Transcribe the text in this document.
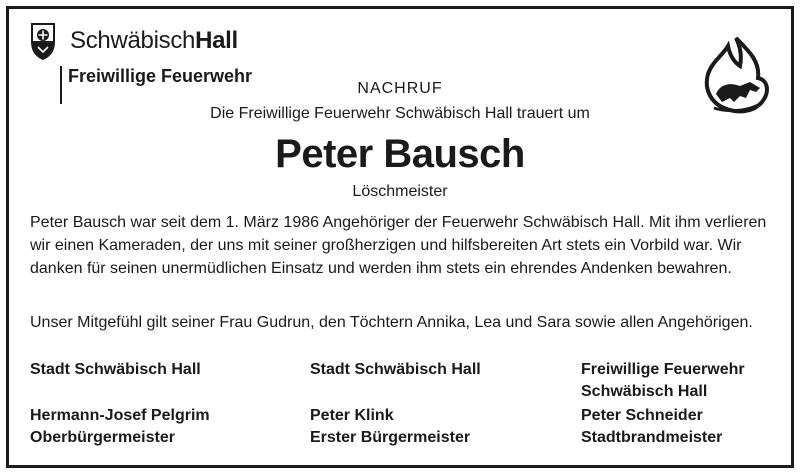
SchwäbischHall
Freiwillige Feuerwehr
NACHRUF
Die Freiwillige Feuerwehr Schwäbisch Hall trauert um
Peter Bausch
Löschmeister
Peter Bausch war seit dem 1. März 1986 Angehöriger der Feuerwehr Schwäbisch Hall. Mit ihm verlieren wir einen Kameraden, der uns mit seiner großherzigen und hilfsbereiten Art stets ein Vorbild war. Wir danken für seinen unermüdlichen Einsatz und werden ihm stets ein ehrendes Andenken bewahren.
Unser Mitgefühl gilt seiner Frau Gudrun, den Töchtern Annika, Lea und Sara sowie allen Angehörigen.
Stadt Schwäbisch Hall	Stadt Schwäbisch Hall	Freiwillige Feuerwehr
Schwäbisch Hall
Hermann-Josef Pelgrim
Oberbürgermeister
Peter Klink
Erster Bürgermeister
Peter Schneider
Stadtbrandmeister
